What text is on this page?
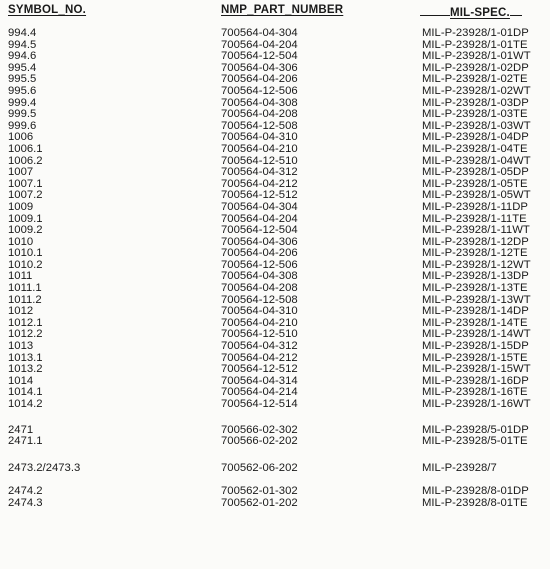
SYMBOL_NO.	NMP_PART_NUMBER	MIL-SPEC.
994.4	700564-04-304	MIL-P-23928/1-01DP
994.5	700564-04-204	MIL-P-23928/1-01TE
994.6	700564-12-504	MIL-P-23928/1-01WT
995.4	700564-04-306	MIL-P-23928/1-02DP
995.5	700564-04-206	MIL-P-23928/1-02TE
995.6	700564-12-506	MIL-P-23928/1-02WT
999.4	700564-04-308	MIL-P-23928/1-03DP
999.5	700564-04-208	MIL-P-23928/1-03TE
999.6	700564-12-508	MIL-P-23928/1-03WT
1006	700564-04-310	MIL-P-23928/1-04DP
1006.1	700564-04-210	MIL-P-23928/1-04TE
1006.2	700564-12-510	MIL-P-23928/1-04WT
1007	700564-04-312	MIL-P-23928/1-05DP
1007.1	700564-04-212	MIL-P-23928/1-05TE
1007.2	700564-12-512	MIL-P-23928/1-05WT
1009	700564-04-304	MIL-P-23928/1-11DP
1009.1	700564-04-204	MIL-P-23928/1-11TE
1009.2	700564-12-504	MIL-P-23928/1-11WT
1010	700564-04-306	MIL-P-23928/1-12DP
1010.1	700564-04-206	MIL-P-23928/1-12TE
1010.2	700564-12-506	MIL-P-23928/1-12WT
1011	700564-04-308	MIL-P-23928/1-13DP
1011.1	700564-04-208	MIL-P-23928/1-13TE
1011.2	700564-12-508	MIL-P-23928/1-13WT
1012	700564-04-310	MIL-P-23928/1-14DP
1012.1	700564-04-210	MIL-P-23928/1-14TE
1012.2	700564-12-510	MIL-P-23928/1-14WT
1013	700564-04-312	MIL-P-23928/1-15DP
1013.1	700564-04-212	MIL-P-23928/1-15TE
1013.2	700564-12-512	MIL-P-23928/1-15WT
1014	700564-04-314	MIL-P-23928/1-16DP
1014.1	700564-04-214	MIL-P-23928/1-16TE
1014.2	700564-12-514	MIL-P-23928/1-16WT
2471	700566-02-302	MIL-P-23928/5-01DP
2471.1	700566-02-202	MIL-P-23928/5-01TE
2473.2/2473.3	700562-06-202	MIL-P-23928/7
2474.2	700562-01-302	MIL-P-23928/8-01DP
2474.3	700562-01-202	MIL-P-23928/8-01TE
